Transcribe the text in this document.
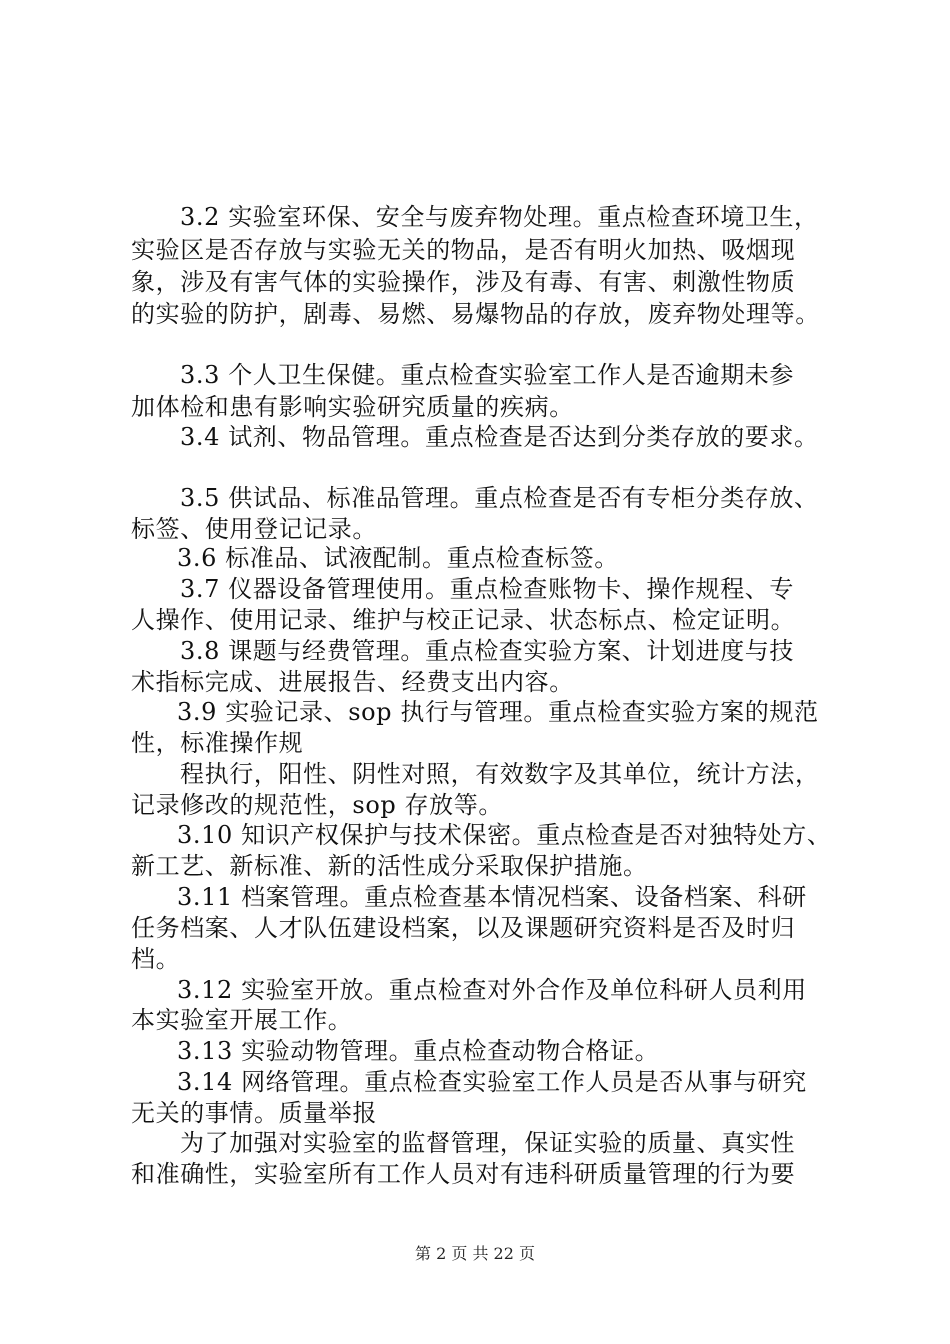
3.2 实验室环保、安全与废弃物处理。重点检查环境卫生，
实验区是否存放与实验无关的物品，是否有明火加热、吸烟现
象，涉及有害气体的实验操作，涉及有毒、有害、刺激性物质
的实验的防护，剧毒、易燃、易爆物品的存放，废弃物处理等。
3.3 个人卫生保健。重点检查实验室工作人是否逾期未参
加体检和患有影响实验研究质量的疾病。
3.4 试剂、物品管理。重点检查是否达到分类存放的要求。
3.5 供试品、标准品管理。重点检查是否有专柜分类存放、
标签、使用登记记录。
3.6 标准品、试液配制。重点检查标签。
3.7 仪器设备管理使用。重点检查账物卡、操作规程、专
人操作、使用记录、维护与校正记录、状态标点、检定证明。
3.8 课题与经费管理。重点检查实验方案、计划进度与技
术指标完成、进展报告、经费支出内容。
3.9 实验记录、sop 执行与管理。重点检查实验方案的规范
性，标准操作规
程执行，阳性、阴性对照，有效数字及其单位，统计方法，
记录修改的规范性，sop 存放等。
3.10 知识产权保护与技术保密。重点检查是否对独特处方、
新工艺、新标准、新的活性成分采取保护措施。
3.11 档案管理。重点检查基本情况档案、设备档案、科研
任务档案、人才队伍建设档案，以及课题研究资料是否及时归
档。
3.12 实验室开放。重点检查对外合作及单位科研人员利用
本实验室开展工作。
3.13 实验动物管理。重点检查动物合格证。
3.14 网络管理。重点检查实验室工作人员是否从事与研究
无关的事情。质量举报
为了加强对实验室的监督管理，保证实验的质量、真实性
和准确性，实验室所有工作人员对有违科研质量管理的行为要
第 2 页 共 22 页
